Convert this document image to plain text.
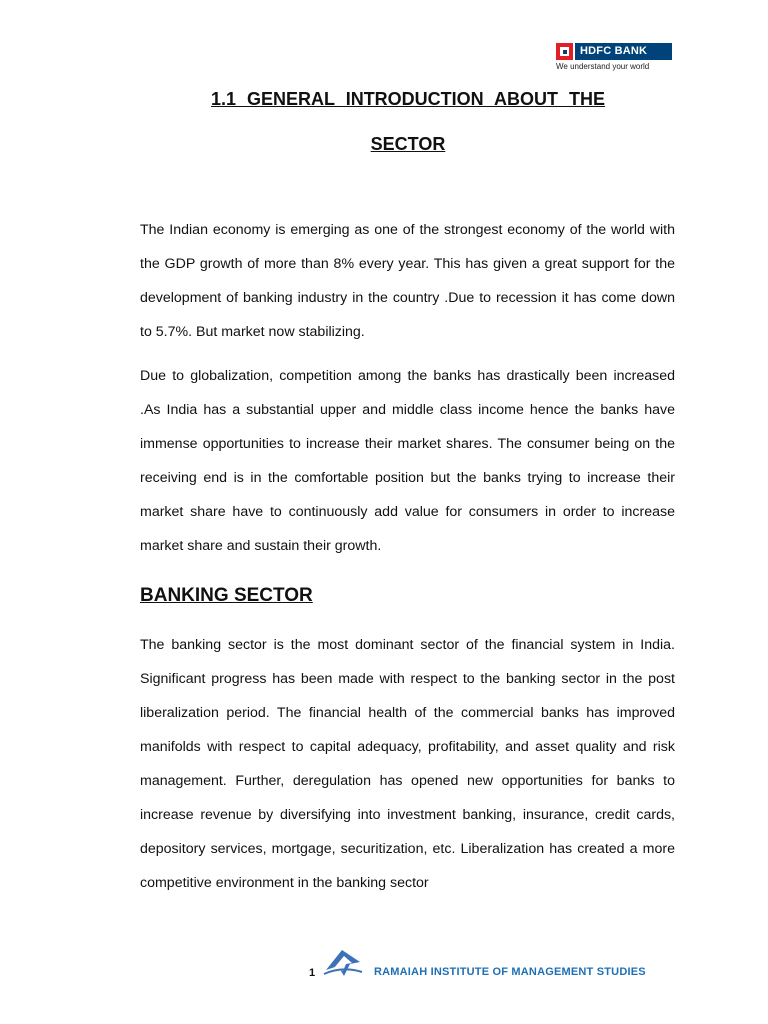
HDFC BANK
We understand your world
1.1 GENERAL INTRODUCTION ABOUT THE
SECTOR

The Indian economy is emerging as one of the strongest economy of the world with the GDP growth of more than 8% every year. This has given a great support for the development of banking industry in the country .Due to recession it has come down to 5.7%. But market now stabilizing.

Due to globalization, competition among the banks has drastically been increased .As India has a substantial upper and middle class income hence the banks have immense opportunities to increase their market shares. The consumer being on the receiving end is in the comfortable position but the banks trying to increase their market share have to continuously add value for consumers in order to increase market share and sustain their growth.

BANKING SECTOR

The banking sector is the most dominant sector of the financial system in India. Significant progress has been made with respect to the banking sector in the post liberalization period. The financial health of the commercial banks has improved manifolds with respect to capital adequacy, profitability, and asset quality and risk management. Further, deregulation has opened new opportunities for banks to increase revenue by diversifying into investment banking, insurance, credit cards, depository services, mortgage, securitization, etc. Liberalization has created a more competitive environment in the banking sector

1	RAMAIAH INSTITUTE OF MANAGEMENT STUDIES
